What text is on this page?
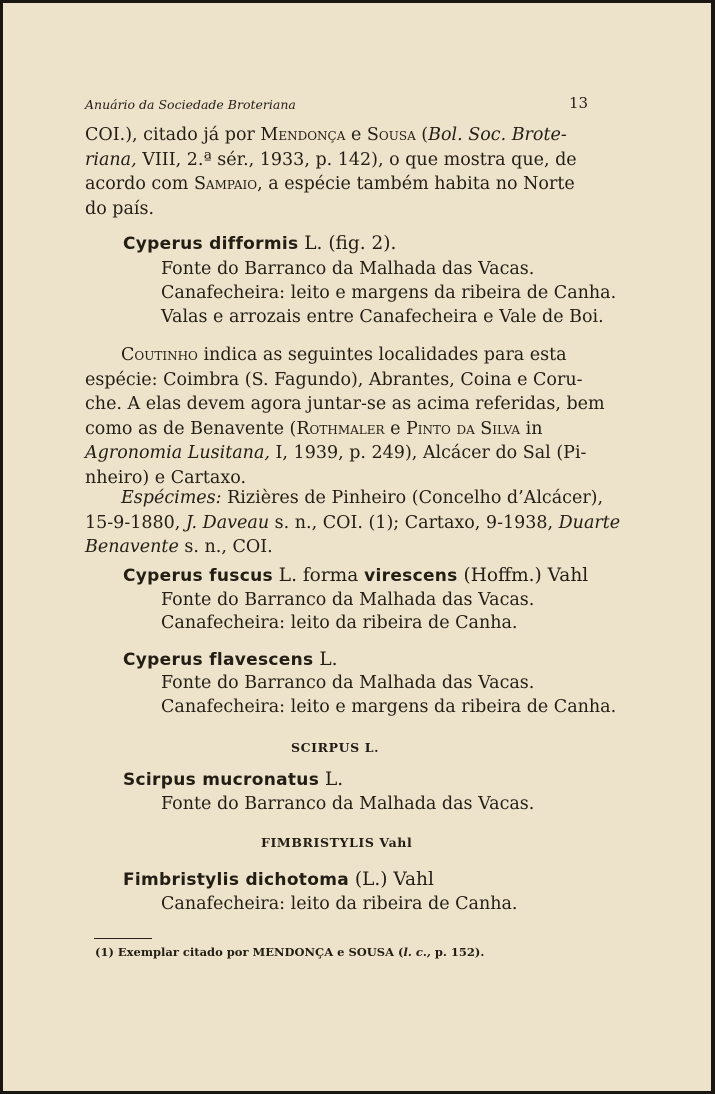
Anuário da Sociedade Broteriana	13
COI.), citado já por Mendonça e Sousa (Bol. Soc. Brote-
riana, VIII, 2.ª sér., 1933, p. 142), o que mostra que, de
acordo com Sampaio, a espécie também habita no Norte
do país.
Cyperus difformis L. (fig. 2).
Fonte do Barranco da Malhada das Vacas.
Canafecheira: leito e margens da ribeira de Canha.
Valas e arrozais entre Canafecheira e Vale de Boi.
Coutinho indica as seguintes localidades para esta
espécie: Coimbra (S. Fagundo), Abrantes, Coina e Coru-
che. A elas devem agora juntar-se as acima referidas, bem
como as de Benavente (Rothmaler e Pinto da Silva in
Agronomia Lusitana, I, 1939, p. 249), Alcácer do Sal (Pi-
nheiro) e Cartaxo.
Espécimes: Rizières de Pinheiro (Concelho d’Alcácer),
15-9-1880, J. Daveau s. n., COI. (1); Cartaxo, 9-1938, Duarte
Benavente s. n., COI.
Cyperus fuscus L. forma virescens (Hoffm.) Vahl
Fonte do Barranco da Malhada das Vacas.
Canafecheira: leito da ribeira de Canha.
Cyperus flavescens L.
Fonte do Barranco da Malhada das Vacas.
Canafecheira: leito e margens da ribeira de Canha.
SCIRPUS L.
Scirpus mucronatus L.
Fonte do Barranco da Malhada das Vacas.
FIMBRISTYLIS Vahl
Fimbristylis dichotoma (L.) Vahl
Canafecheira: leito da ribeira de Canha.
(1) Exemplar citado por MENDONÇA e SOUSA (l. c., p. 152).
